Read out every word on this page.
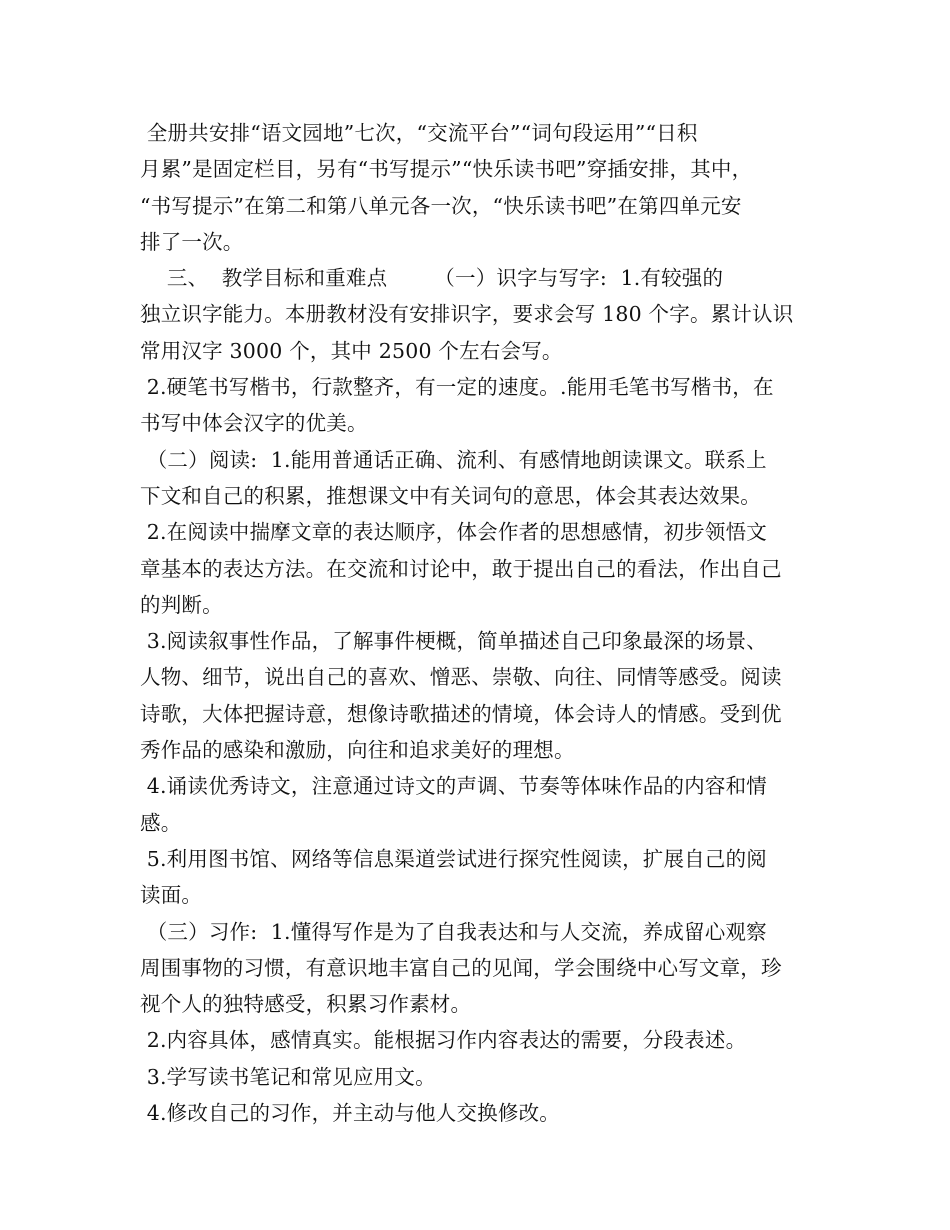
全册共安排“语文园地”七次，“交流平台”“词句段运用”“日积
月累”是固定栏目，另有“书写提示”“快乐读书吧”穿插安排，其中，
“书写提示”在第二和第八单元各一次，“快乐读书吧”在第四单元安
排了一次。
三、  教学目标和重难点       （一）识字与写字:  1.有较强的
独立识字能力。本册教材没有安排识字，要求会写 180 个字。累计认识
常用汉字 3000 个，其中 2500 个左右会写。
2.硬笔书写楷书，行款整齐，有一定的速度。.能用毛笔书写楷书，在
书写中体会汉字的优美。
（二）阅读:  1.能用普通话正确、流利、有感情地朗读课文。联系上
下文和自己的积累，推想课文中有关词句的意思，体会其表达效果。
2.在阅读中揣摩文章的表达顺序，体会作者的思想感情，初步领悟文
章基本的表达方法。在交流和讨论中，敢于提出自己的看法，作出自己
的判断。
3.阅读叙事性作品，了解事件梗概，简单描述自己印象最深的场景、
人物、细节，说出自己的喜欢、憎恶、崇敬、向往、同情等感受。阅读
诗歌，大体把握诗意，想像诗歌描述的情境，体会诗人的情感。受到优
秀作品的感染和激励，向往和追求美好的理想。
4.诵读优秀诗文，注意通过诗文的声调、节奏等体味作品的内容和情
感。
5.利用图书馆、网络等信息渠道尝试进行探究性阅读，扩展自己的阅
读面。
（三）习作:  1.懂得写作是为了自我表达和与人交流，养成留心观察
周围事物的习惯，有意识地丰富自己的见闻，学会围绕中心写文章，珍
视个人的独特感受，积累习作素材。
2.内容具体，感情真实。能根据习作内容表达的需要，分段表述。
3.学写读书笔记和常见应用文。
4.修改自己的习作，并主动与他人交换修改。
